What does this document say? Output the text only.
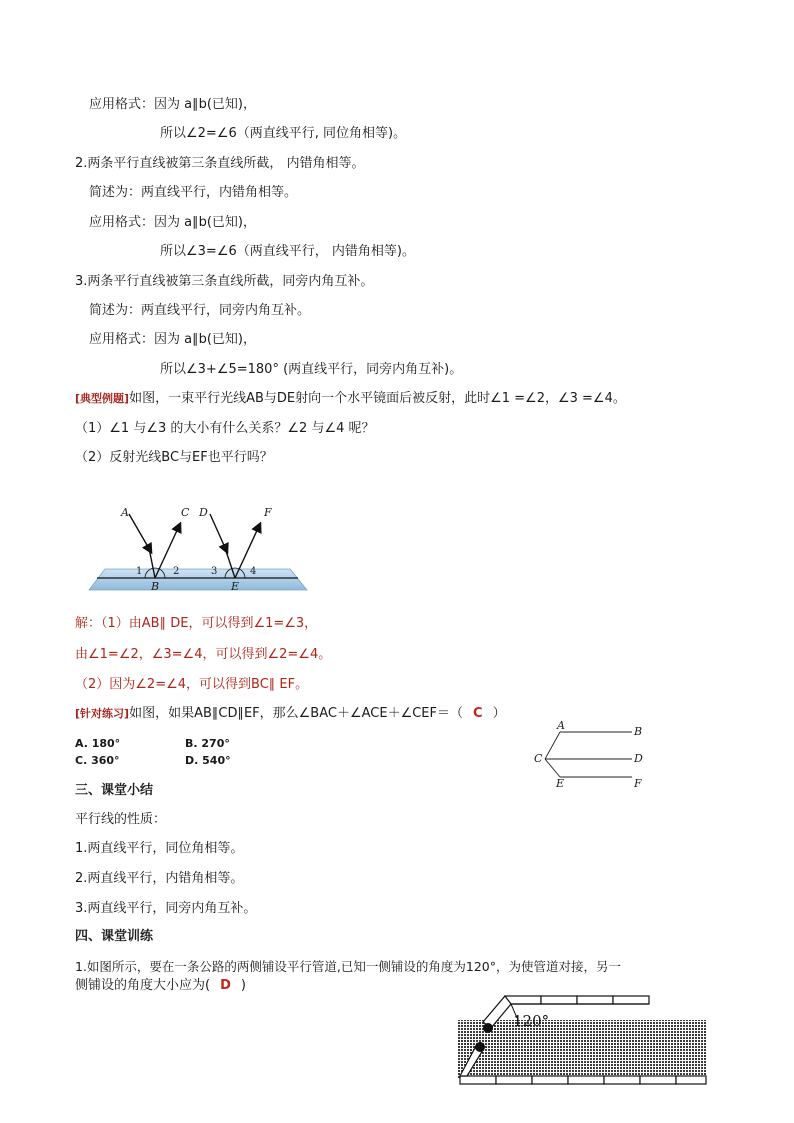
应用格式：因为 a∥b(已知)，
所以∠2=∠6（两直线平行, 同位角相等)。
2.两条平行直线被第三条直线所截， 内错角相等。
简述为：两直线平行，内错角相等。
应用格式：因为 a∥b(已知)，
所以∠3=∠6（两直线平行， 内错角相等)。
3.两条平行直线被第三条直线所截，同旁内角互补。
简述为：两直线平行，同旁内角互补。
应用格式：因为 a∥b(已知)，
所以∠3+∠5=180° (两直线平行，同旁内角互补)。
[典型例题]如图，一束平行光线AB与DE射向一个水平镜面后被反射，此时∠1 =∠2，∠3 =∠4。
（1）∠1 与∠3 的大小有什么关系？∠2 与∠4 呢？
（2）反射光线BC与EF也平行吗？
A	C D	F
B	E
1	2	3	4
解：（1）由AB∥ DE，可以得到∠1=∠3，
由∠1=∠2，∠3=∠4，可以得到∠2=∠4。
（2）因为∠2=∠4，可以得到BC∥ EF。
[针对练习]如图，如果AB∥CD∥EF，那么∠BAC＋∠ACE＋∠CEF＝（ C ）
A. 180°	B. 270°
C. 360°	D. 540°
A	B
C	D
E	F
三、课堂小结
平行线的性质：
1.两直线平行，同位角相等。
2.两直线平行，内错角相等。
3.两直线平行，同旁内角互补。
四、课堂训练
1.如图所示，要在一条公路的两侧铺设平行管道,已知一侧铺设的角度为120°，为使管道对接，另一
侧铺设的角度大小应为( D )
120°
